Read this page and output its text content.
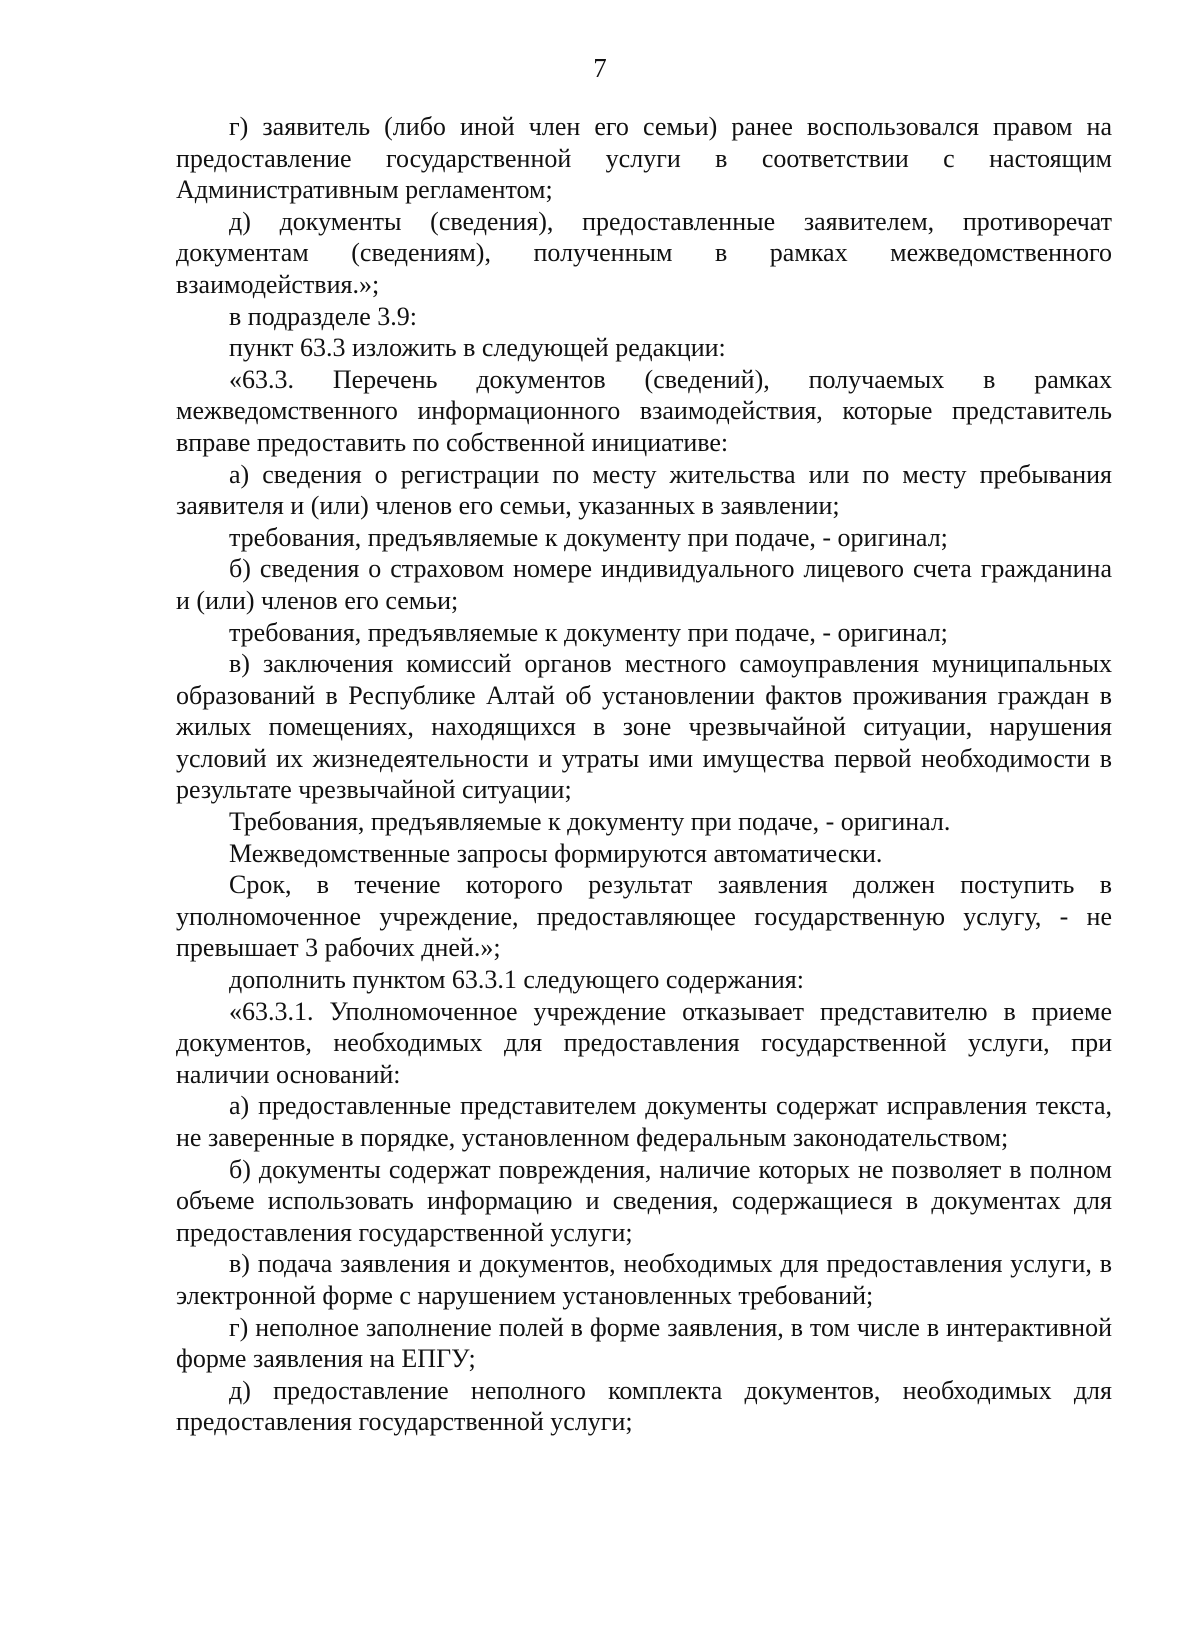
7

г) заявитель (либо иной член его семьи) ранее воспользовался правом на предоставление государственной услуги в соответствии с настоящим Административным регламентом;

д) документы (сведения), предоставленные заявителем, противоречат документам (сведениям), полученным в рамках межведомственного взаимодействия.»;

в подразделе 3.9:

пункт 63.3 изложить в следующей редакции:

«63.3. Перечень документов (сведений), получаемых в рамках межведомственного информационного взаимодействия, которые представитель вправе предоставить по собственной инициативе:

а) сведения о регистрации по месту жительства или по месту пребывания заявителя и (или) членов его семьи, указанных в заявлении;

требования, предъявляемые к документу при подаче, - оригинал;

б) сведения о страховом номере индивидуального лицевого счета гражданина и (или) членов его семьи;

требования, предъявляемые к документу при подаче, - оригинал;

в) заключения комиссий органов местного самоуправления муниципальных образований в Республике Алтай об установлении фактов проживания граждан в жилых помещениях, находящихся в зоне чрезвычайной ситуации, нарушения условий их жизнедеятельности и утраты ими имущества первой необходимости в результате чрезвычайной ситуации;

Требования, предъявляемые к документу при подаче, - оригинал.

Межведомственные запросы формируются автоматически.

Срок, в течение которого результат заявления должен поступить в уполномоченное учреждение, предоставляющее государственную услугу, - не превышает 3 рабочих дней.»;

дополнить пунктом 63.3.1 следующего содержания:

«63.3.1. Уполномоченное учреждение отказывает представителю в приеме документов, необходимых для предоставления государственной услуги, при наличии оснований:

а) предоставленные представителем документы содержат исправления текста, не заверенные в порядке, установленном федеральным законодательством;

б) документы содержат повреждения, наличие которых не позволяет в полном объеме использовать информацию и сведения, содержащиеся в документах для предоставления государственной услуги;

в) подача заявления и документов, необходимых для предоставления услуги, в электронной форме с нарушением установленных требований;

г) неполное заполнение полей в форме заявления, в том числе в интерактивной форме заявления на ЕПГУ;

д) предоставление неполного комплекта документов, необходимых для предоставления государственной услуги;
